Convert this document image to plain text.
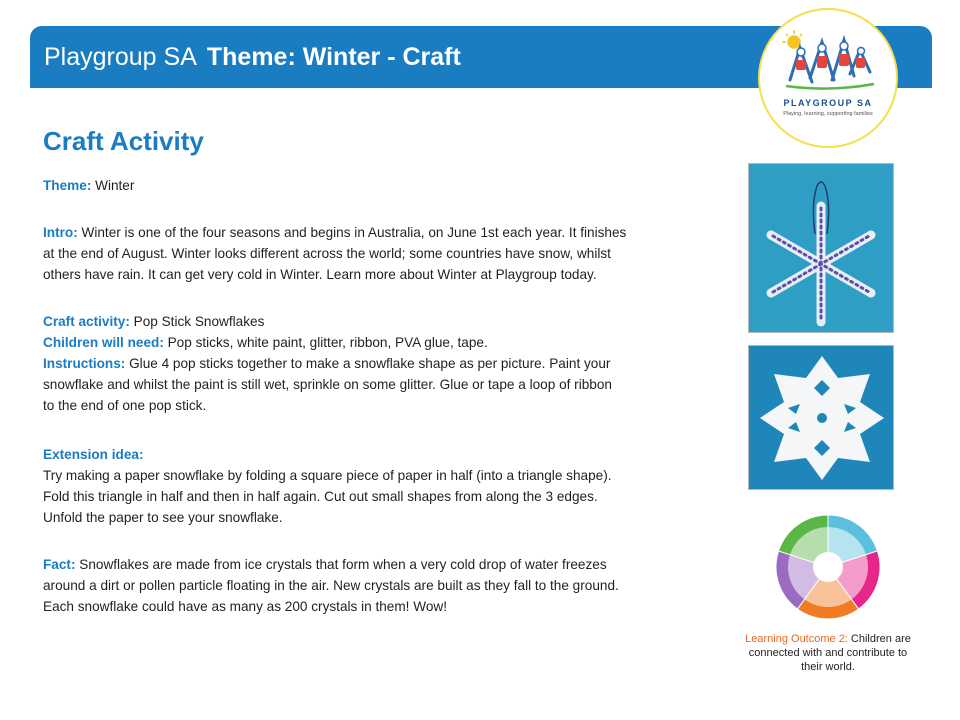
Playgroup SA Theme: Winter - Craft
PLAYGROUP SA
Playing, learning, supporting families
Craft Activity
Theme: Winter
Intro: Winter is one of the four seasons and begins in Australia, on June 1st each year. It finishes
at the end of August. Winter looks different across the world; some countries have snow, whilst
others have rain. It can get very cold in Winter. Learn more about Winter at Playgroup today.
Craft activity: Pop Stick Snowflakes
Children will need: Pop sticks, white paint, glitter, ribbon, PVA glue, tape.
Instructions: Glue 4 pop sticks together to make a snowflake shape as per picture. Paint your
snowflake and whilst the paint is still wet, sprinkle on some glitter. Glue or tape a loop of ribbon
to the end of one pop stick.
Extension idea:
Try making a paper snowflake by folding a square piece of paper in half (into a triangle shape).
Fold this triangle in half and then in half again. Cut out small shapes from along the 3 edges.
Unfold the paper to see your snowflake.
Fact: Snowflakes are made from ice crystals that form when a very cold drop of water freezes
around a dirt or pollen particle floating in the air. New crystals are built as they fall to the ground.
Each snowflake could have as many as 200 crystals in them! Wow!
Learning Outcome 2: Children are connected with and contribute to their world.
